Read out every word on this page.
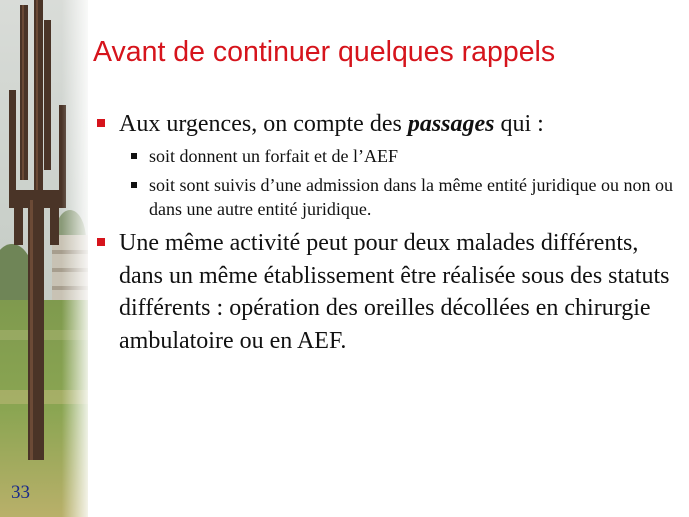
33
Avant de continuer quelques rappels
Aux urgences, on compte des passages qui :
soit donnent un forfait et de l’AEF
soit sont suivis d’une admission dans la même entité juridique ou non ou dans une autre entité juridique.
Une même activité peut pour deux malades différents, dans un même établissement être réalisée sous des statuts différents : opération des oreilles décollées en chirurgie ambulatoire ou en AEF.
